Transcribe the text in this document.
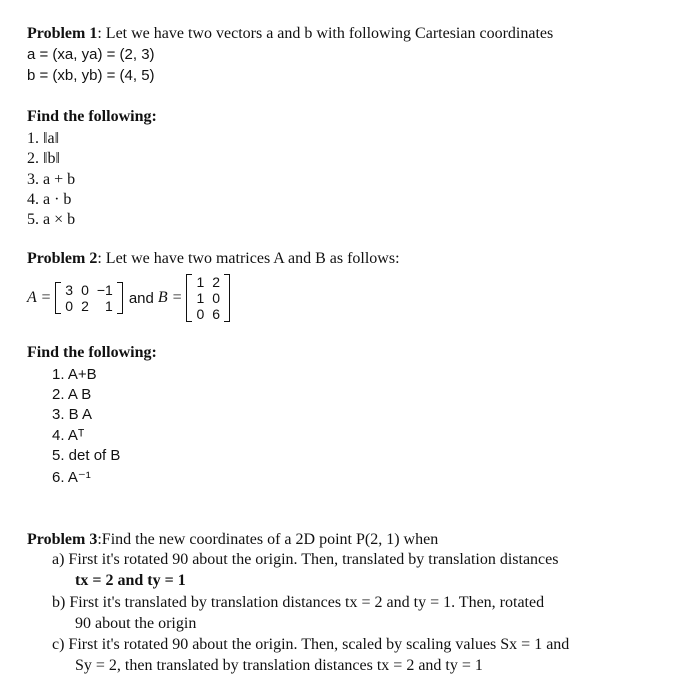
Problem 1: Let we have two vectors a and b with following Cartesian coordinates
a = (xa, ya) = (2, 3)
b = (xb, yb) = (4, 5)
Find the following:
1. ‖a‖
2. ‖b‖
3. a + b
4. a · b
5. a × b
Problem 2: Let we have two matrices A and B as follows:
A = 3	0	−1
0	2	1 and B =
1	2
1	0
0	6
Find the following:
1. A+B
2. A B
3. B A
4. Aᵀ
5. det of B
6. A⁻¹
Problem 3:Find the new coordinates of a 2D point P(2, 1) when
a) First it's rotated 90 about the origin. Then, translated by translation distances
tx = 2 and ty = 1
b) First it's translated by translation distances tx = 2 and ty = 1. Then, rotated
90 about the origin
c) First it's rotated 90 about the origin. Then, scaled by scaling values Sx = 1 and
Sy = 2, then translated by translation distances tx = 2 and ty = 1
